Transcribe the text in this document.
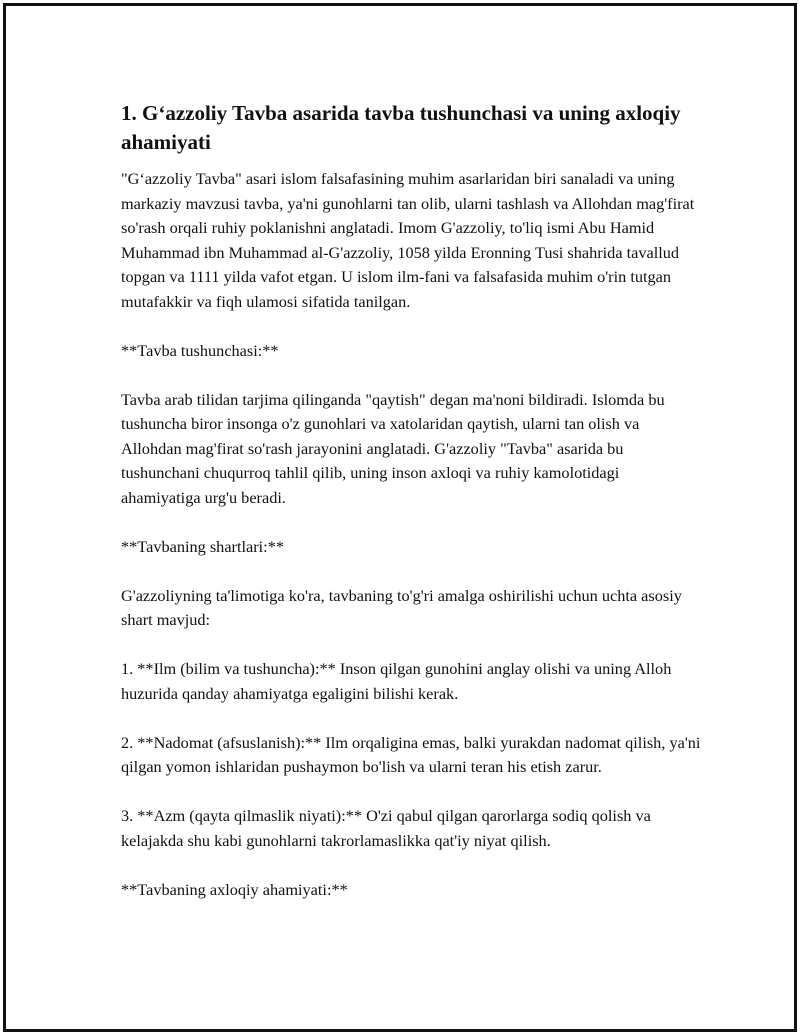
1. G‘azzoliy Tavba asarida tavba tushunchasi va uning axloqiy ahamiyati

"G‘azzoliy Tavba" asari islom falsafasining muhim asarlaridan biri sanaladi va uning markaziy mavzusi tavba, ya'ni gunohlarni tan olib, ularni tashlash va Allohdan mag'firat so'rash orqali ruhiy poklanishni anglatadi. Imom G'azzoliy, to'liq ismi Abu Hamid Muhammad ibn Muhammad al-G'azzoliy, 1058 yilda Eronning Tusi shahrida tavallud topgan va 1111 yilda vafot etgan. U islom ilm-fani va falsafasida muhim o'rin tutgan mutafakkir va fiqh ulamosi sifatida tanilgan.

**Tavba tushunchasi:**

Tavba arab tilidan tarjima qilinganda "qaytish" degan ma'noni bildiradi. Islomda bu tushuncha biror insonga o'z gunohlari va xatolaridan qaytish, ularni tan olish va Allohdan mag'firat so'rash jarayonini anglatadi. G'azzoliy "Tavba" asarida bu tushunchani chuqurroq tahlil qilib, uning inson axloqi va ruhiy kamolotidagi ahamiyatiga urg'u beradi.

**Tavbaning shartlari:**

G'azzoliyning ta'limotiga ko'ra, tavbaning to'g'ri amalga oshirilishi uchun uchta asosiy shart mavjud:

1. **Ilm (bilim va tushuncha):** Inson qilgan gunohini anglay olishi va uning Alloh huzurida qanday ahamiyatga egaligini bilishi kerak.

2. **Nadomat (afsuslanish):** Ilm orqaligina emas, balki yurakdan nadomat qilish, ya'ni qilgan yomon ishlaridan pushaymon bo'lish va ularni teran his etish zarur.

3. **Azm (qayta qilmaslik niyati):** O'zi qabul qilgan qarorlarga sodiq qolish va kelajakda shu kabi gunohlarni takrorlamaslikka qat'iy niyat qilish.

**Tavbaning axloqiy ahamiyati:**
